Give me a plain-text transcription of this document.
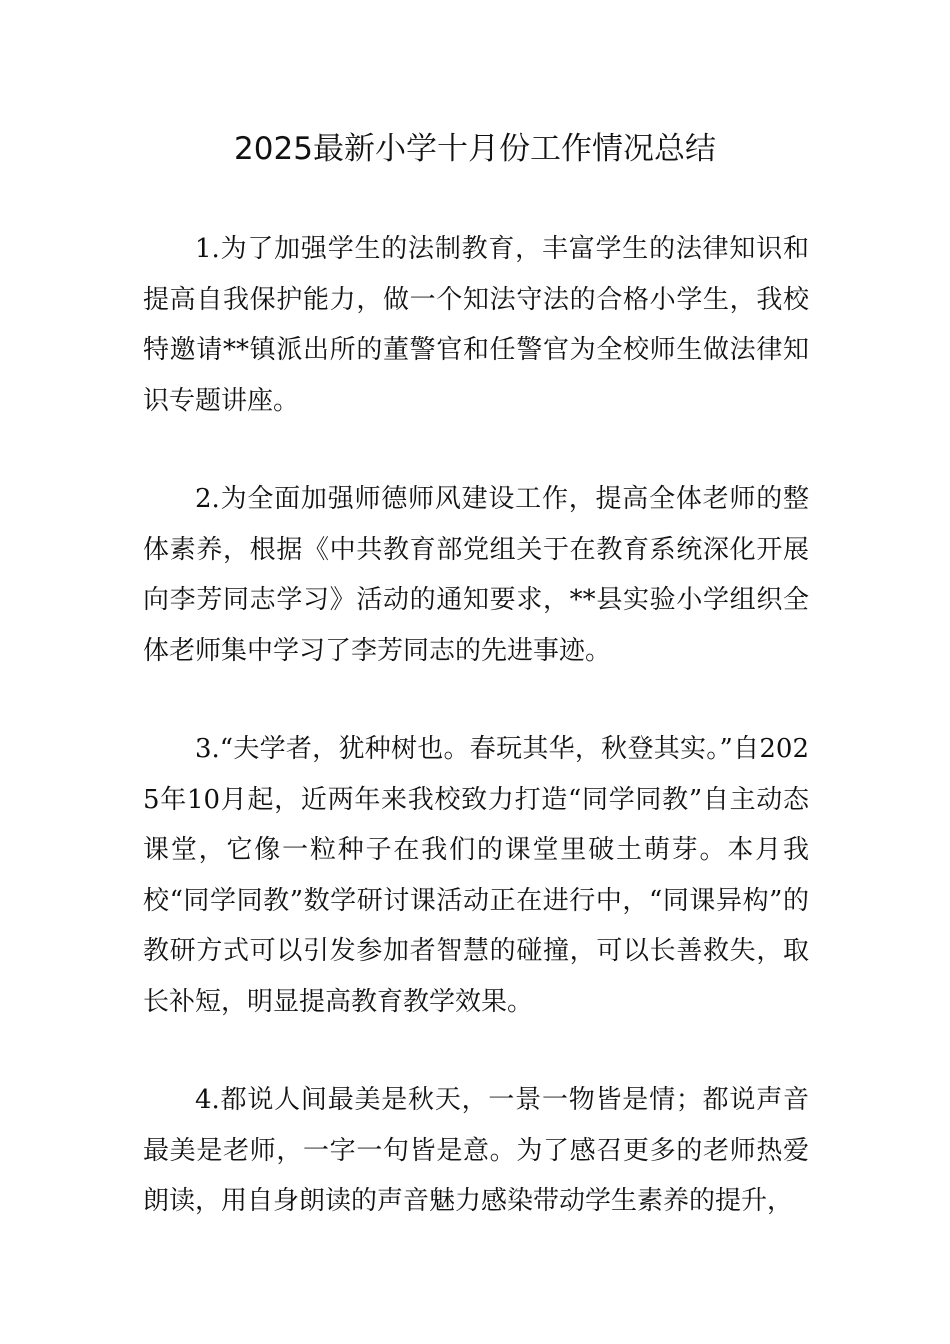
2025最新小学十月份工作情况总结

1.为了加强学生的法制教育，丰富学生的法律知识和提高自我保护能力，做一个知法守法的合格小学生，我校特邀请**镇派出所的董警官和任警官为全校师生做法律知识专题讲座。

2.为全面加强师德师风建设工作，提高全体老师的整体素养，根据《中共教育部党组关于在教育系统深化开展向李芳同志学习》活动的通知要求，**县实验小学组织全体老师集中学习了李芳同志的先进事迹。

3.“夫学者，犹种树也。春玩其华，秋登其实。”自2025年10月起，近两年来我校致力打造“同学同教”自主动态课堂，它像一粒种子在我们的课堂里破土萌芽。本月我校“同学同教”数学研讨课活动正在进行中，“同课异构”的教研方式可以引发参加者智慧的碰撞，可以长善救失，取长补短，明显提高教育教学效果。

4.都说人间最美是秋天，一景一物皆是情；都说声音最美是老师，一字一句皆是意。为了感召更多的老师热爱朗读，用自身朗读的声音魅力感染带动学生素养的提升，
